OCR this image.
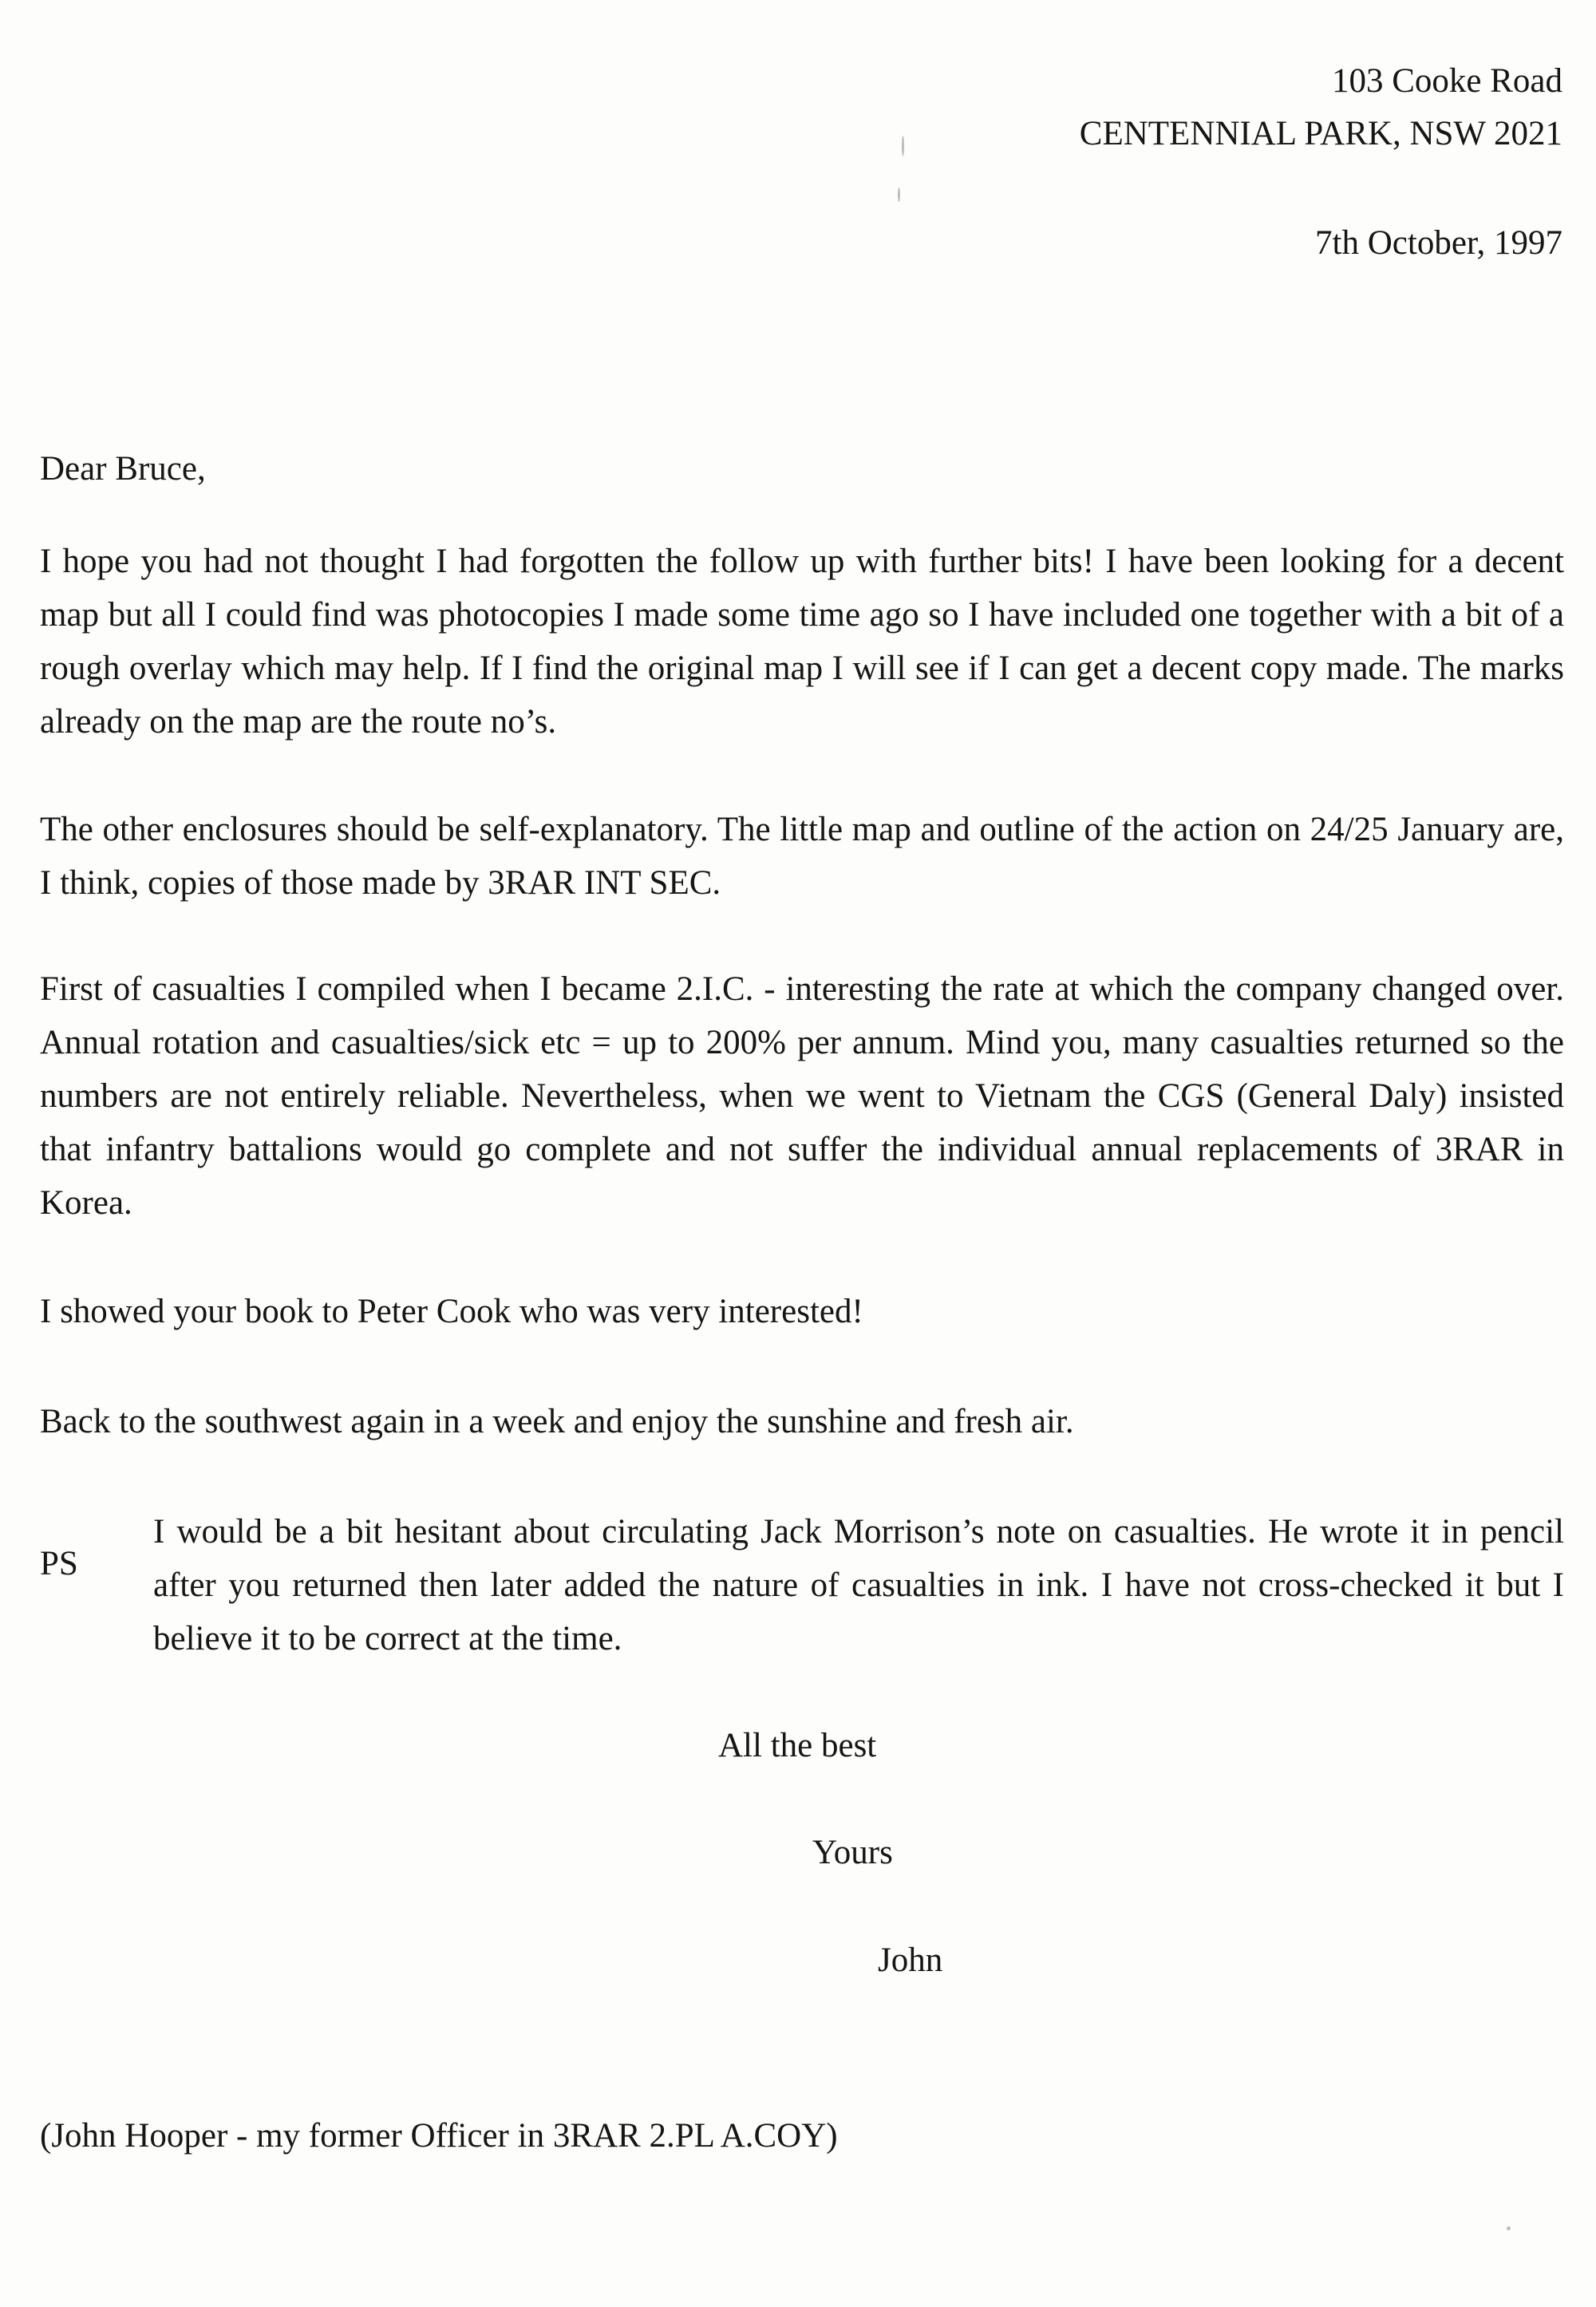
103 Cooke Road
CENTENNIAL PARK, NSW 2021
7th October, 1997
Dear Bruce,
I hope you had not thought I had forgotten the follow up with further bits! I have been looking for a decent map but all I could find was photocopies I made some time ago so I have included one together with a bit of a rough overlay which may help. If I find the original map I will see if I can get a decent copy made. The marks already on the map are the route no’s.
The other enclosures should be self-explanatory. The little map and outline of the action on 24/25 January are, I think, copies of those made by 3RAR INT SEC.
First of casualties I compiled when I became 2.I.C. - interesting the rate at which the company changed over. Annual rotation and casualties/sick etc = up to 200% per annum. Mind you, many casualties returned so the numbers are not entirely reliable. Nevertheless, when we went to Vietnam the CGS (General Daly) insisted that infantry battalions would go complete and not suffer the individual annual replacements of 3RAR in Korea.
I showed your book to Peter Cook who was very interested!
Back to the southwest again in a week and enjoy the sunshine and fresh air.
PS
I would be a bit hesitant about circulating Jack Morrison’s note on casualties. He wrote it in pencil after you returned then later added the nature of casualties in ink. I have not cross-checked it but I believe it to be correct at the time.
All the best
Yours
John
(John Hooper - my former Officer in 3RAR 2.PL A.COY)
